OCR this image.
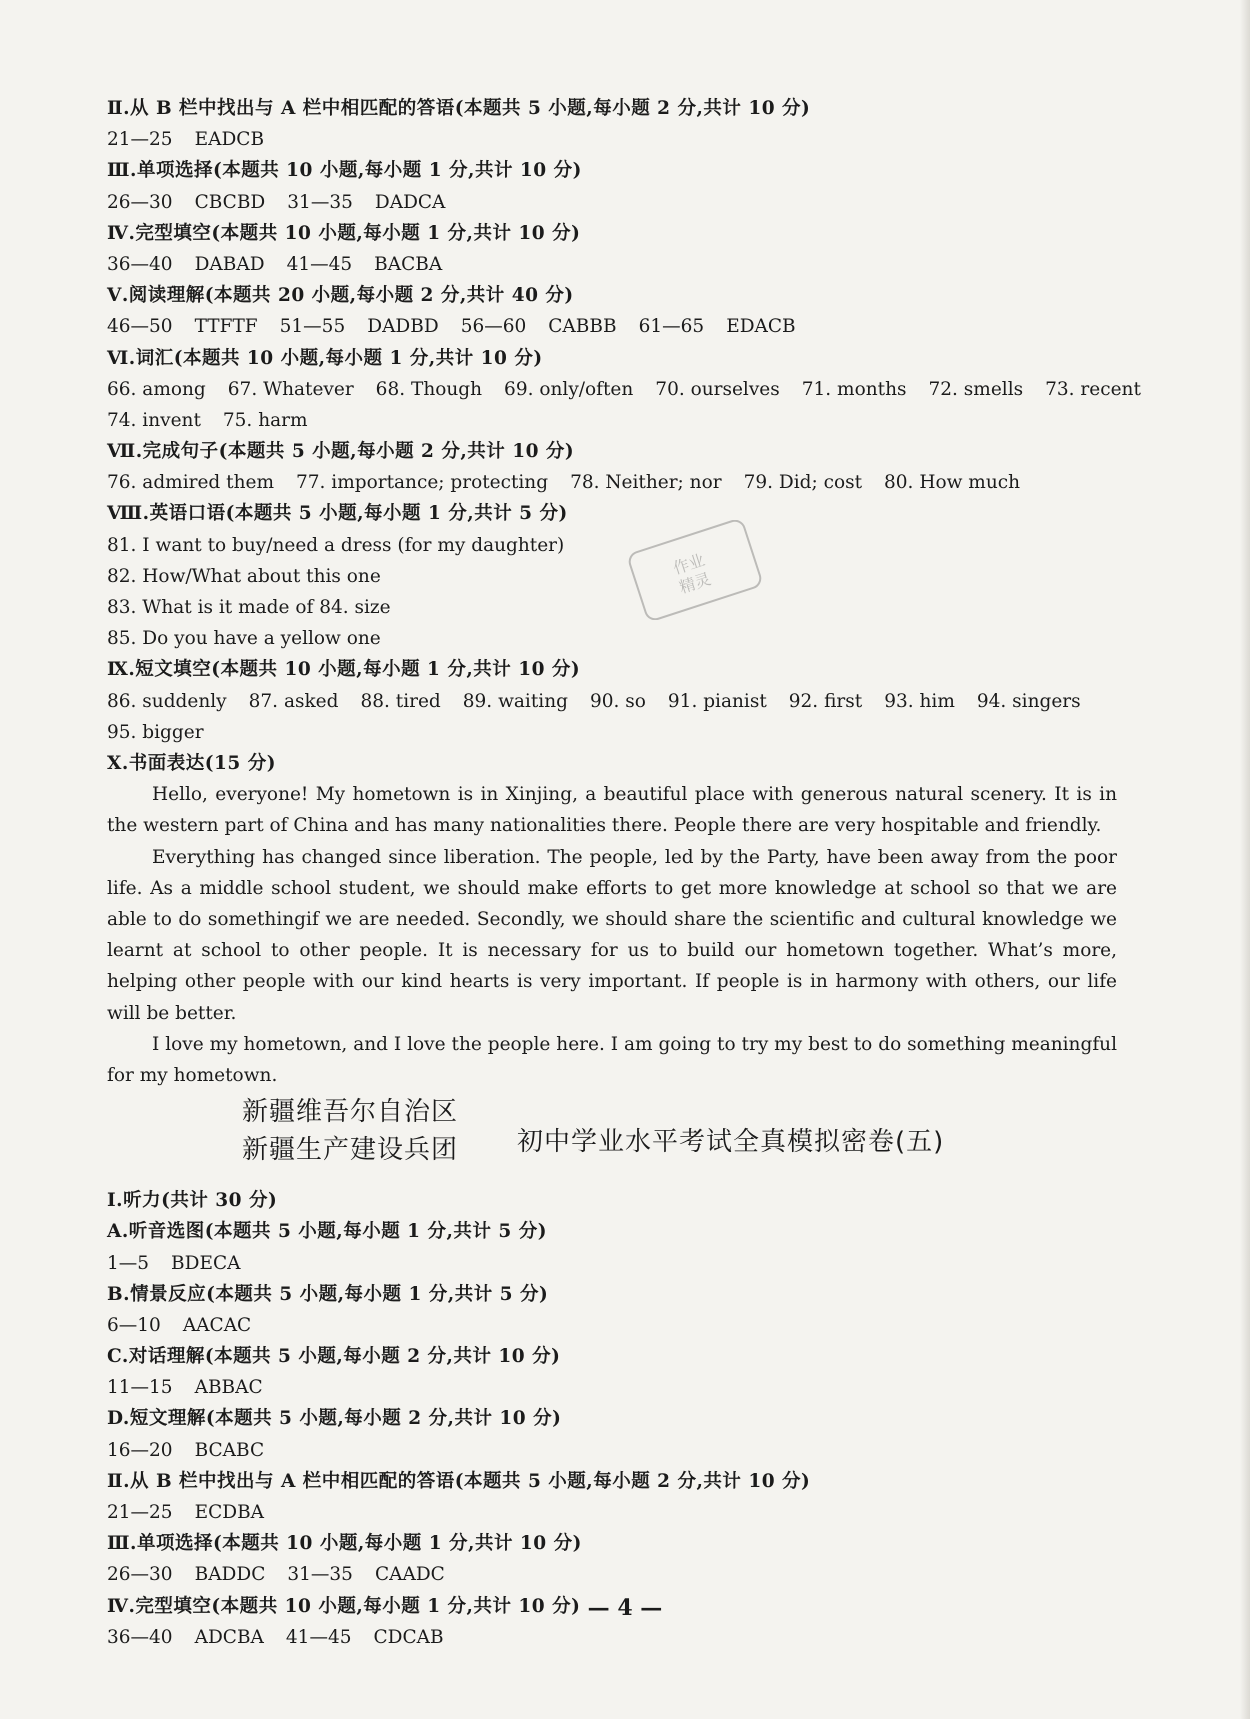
Ⅱ.从 B 栏中找出与 A 栏中相匹配的答语(本题共 5 小题,每小题 2 分,共计 10 分)
21—25 EADCB
Ⅲ.单项选择(本题共 10 小题,每小题 1 分,共计 10 分)
26—30 CBCBD 31—35 DADCA
Ⅳ.完型填空(本题共 10 小题,每小题 1 分,共计 10 分)
36—40 DABAD 41—45 BACBA
Ⅴ.阅读理解(本题共 20 小题,每小题 2 分,共计 40 分)
46—50 TTFTF 51—55 DADBD 56—60 CABBB 61—65 EDACB
Ⅵ.词汇(本题共 10 小题,每小题 1 分,共计 10 分)
66. among 67. Whatever 68. Though 69. only/often 70. ourselves 71. months 72. smells 73. recent
74. invent 75. harm
Ⅶ.完成句子(本题共 5 小题,每小题 2 分,共计 10 分)
76. admired them 77. importance; protecting 78. Neither; nor 79. Did; cost 80. How much
Ⅷ.英语口语(本题共 5 小题,每小题 1 分,共计 5 分)
81. I want to buy/need a dress (for my daughter)
82. How/What about this one
83. What is it made of 84. size
85. Do you have a yellow one
Ⅸ.短文填空(本题共 10 小题,每小题 1 分,共计 10 分)
86. suddenly 87. asked 88. tired 89. waiting 90. so 91. pianist 92. first 93. him 94. singers
95. bigger
Ⅹ.书面表达(15 分)

Hello, everyone! My hometown is in Xinjing, a beautiful place with generous natural scenery. It is in the western part of China and has many nationalities there. People there are very hospitable and friendly.

Everything has changed since liberation. The people, led by the Party, have been away from the poor life. As a middle school student, we should make efforts to get more knowledge at school so that we are able to do somethingif we are needed. Secondly, we should share the scientific and cultural knowledge we learnt at school to other people. It is necessary for us to build our hometown together. What’s more, helping other people with our kind hearts is very important. If people is in harmony with others, our life will be better.

I love my hometown, and I love the people here. I am going to try my best to do something meaningful for my hometown.

新疆维吾尔自治区
新疆生产建设兵团 初中学业水平考试全真模拟密卷(五)
Ⅰ.听力(共计 30 分)
A.听音选图(本题共 5 小题,每小题 1 分,共计 5 分)
1—5 BDECA
B.情景反应(本题共 5 小题,每小题 1 分,共计 5 分)
6—10 AACAC
C.对话理解(本题共 5 小题,每小题 2 分,共计 10 分)
11—15 ABBAC
D.短文理解(本题共 5 小题,每小题 2 分,共计 10 分)
16—20 BCABC
Ⅱ.从 B 栏中找出与 A 栏中相匹配的答语(本题共 5 小题,每小题 2 分,共计 10 分)
21—25 ECDBA
Ⅲ.单项选择(本题共 10 小题,每小题 1 分,共计 10 分)
26—30 BADDC 31—35 CAADC
Ⅳ.完型填空(本题共 10 小题,每小题 1 分,共计 10 分)
36—40 ADCBA 41—45 CDCAB
作业
精灵
— 4 —
